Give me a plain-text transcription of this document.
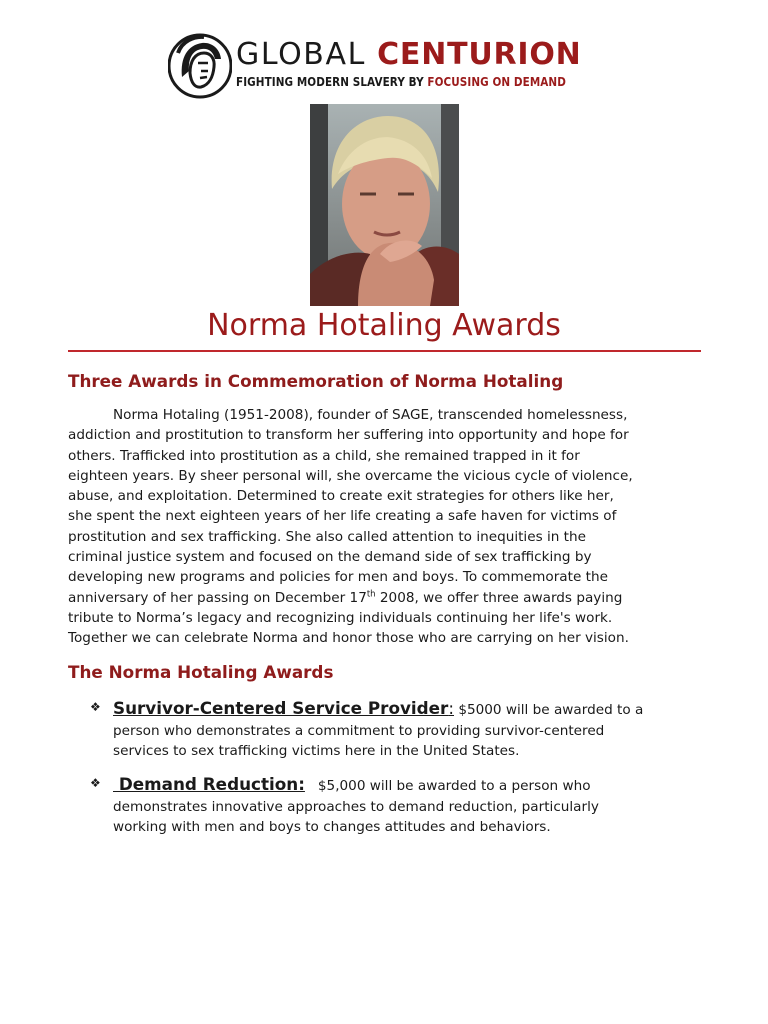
GLOBAL CENTURION
FIGHTING MODERN SLAVERY BY FOCUSING ON DEMAND
Norma Hotaling Awards
Three Awards in Commemoration of Norma Hotaling

Norma Hotaling (1951-2008), founder of SAGE, transcended homelessness,
addiction and prostitution to transform her suffering into opportunity and hope for
others. Trafficked into prostitution as a child, she remained trapped in it for
eighteen years. By sheer personal will, she overcame the vicious cycle of violence,
abuse, and exploitation. Determined to create exit strategies for others like her,
she spent the next eighteen years of her life creating a safe haven for victims of
prostitution and sex trafficking. She also called attention to inequities in the
criminal justice system and focused on the demand side of sex trafficking by
developing new programs and policies for men and boys. To commemorate the
anniversary of her passing on December 17th 2008, we offer three awards paying
tribute to Norma’s legacy and recognizing individuals continuing her life's work.
Together we can celebrate Norma and honor those who are carrying on her vision.

The Norma Hotaling Awards
❖ Survivor-Centered Service Provider: $5000 will be awarded to a
person who demonstrates a commitment to providing survivor-centered
services to sex trafficking victims here in the United States.
❖ Demand Reduction:   $5,000 will be awarded to a person who
demonstrates innovative approaches to demand reduction, particularly
working with men and boys to changes attitudes and behaviors.
